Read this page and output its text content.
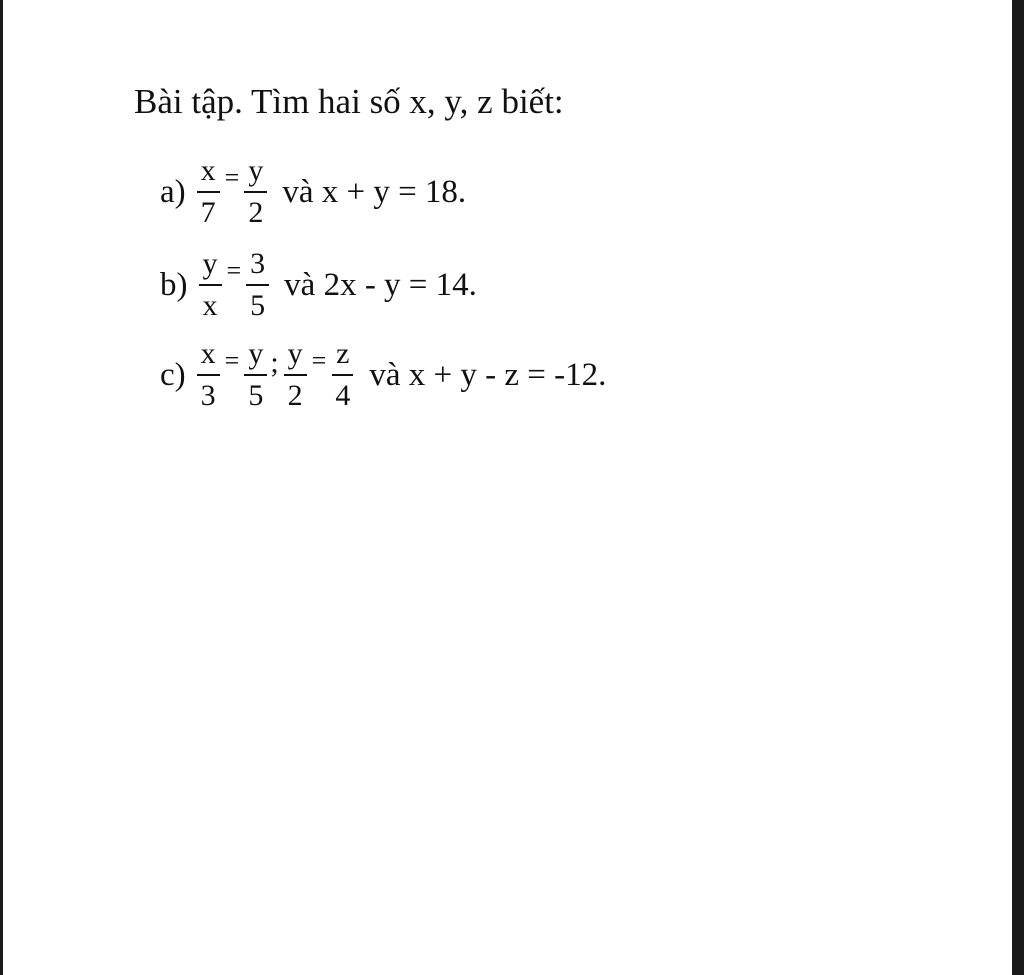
Bài tập. Tìm hai số x, y, z biết:
$a) \frac{x}{7} = \frac{y}{2}$ và x + y = 18.
$b) \frac{y}{x} = \frac{3}{5}$ và 2x - y = 14.
$c) \frac{x}{3} = \frac{y}{5}$ ; $\frac{y}{2} = \frac{z}{4}$ và x + y - z = -12.
